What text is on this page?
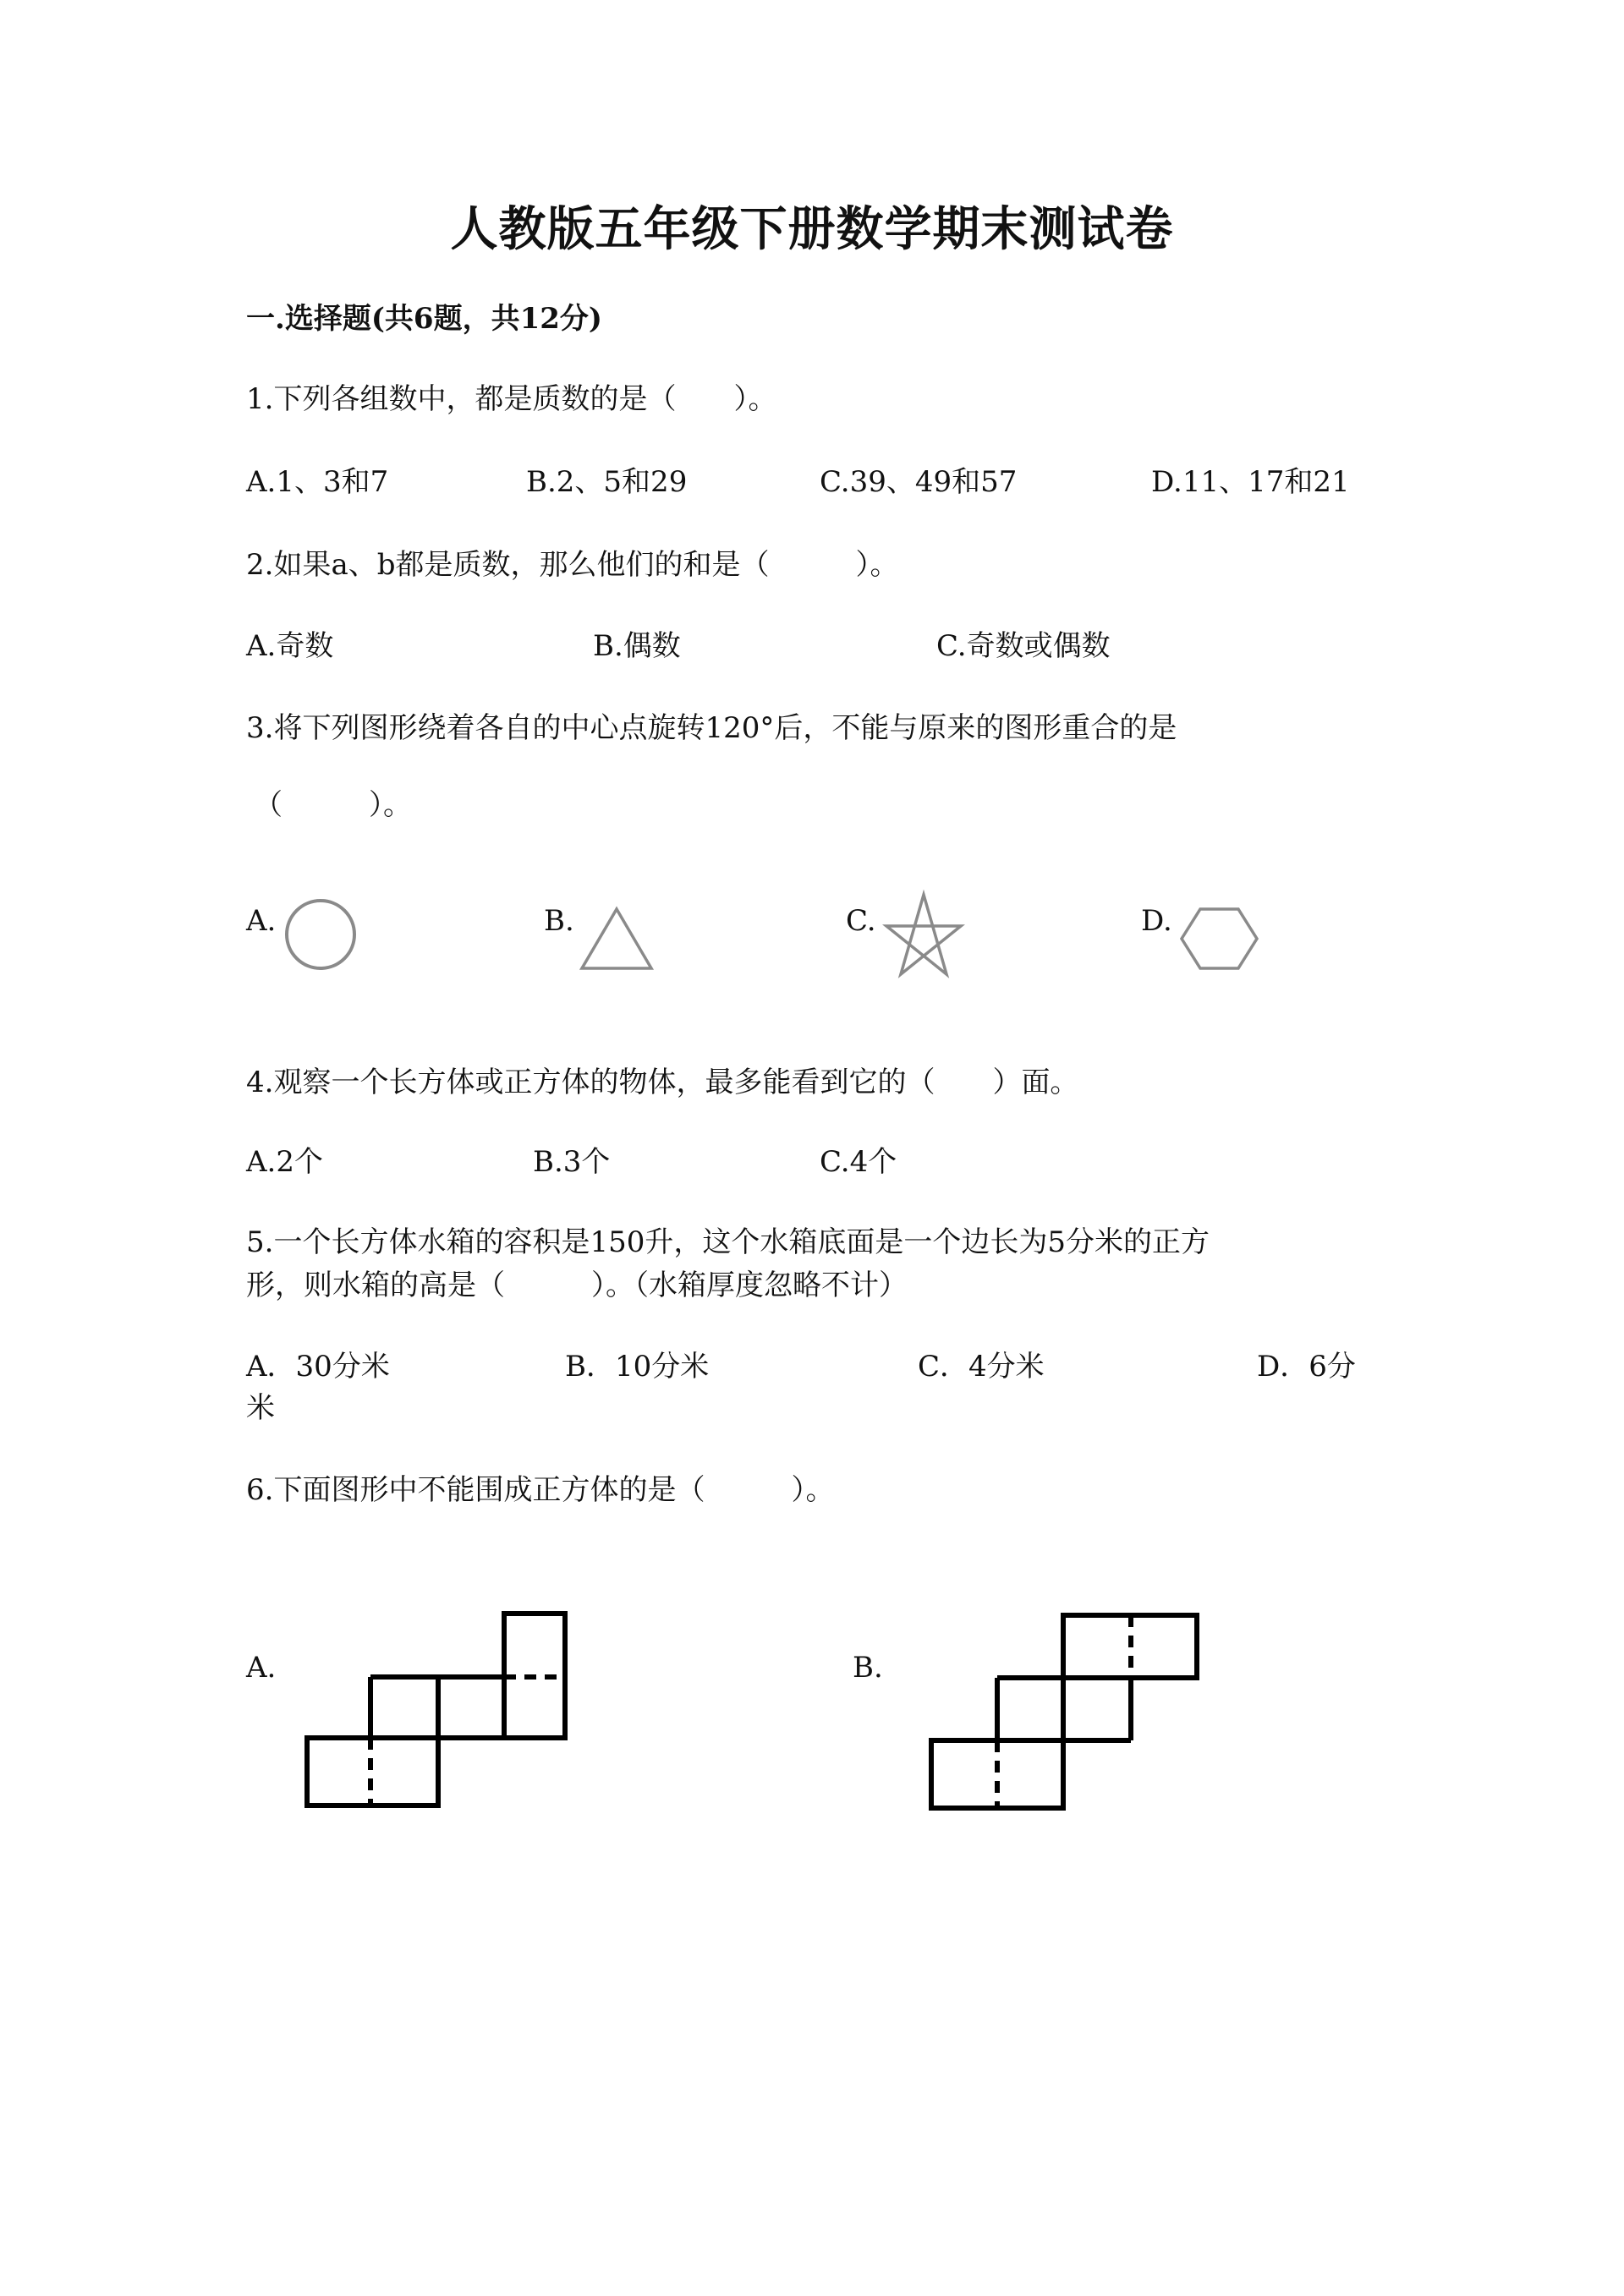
人教版五年级下册数学期末测试卷
一.选择题(共6题，共12分)
1.下列各组数中，都是质数的是（　　）。
A.1、3和7	B.2、5和29	C.39、49和57	D.11、17和21
2.如果a、b都是质数，那么他们的和是（　　　）。
A.奇数	B.偶数	C.奇数或偶数
3.将下列图形绕着各自的中心点旋转120°后，不能与原来的图形重合的是
（　　　）。
A.	B.	C.	D.
4.观察一个长方体或正方体的物体，最多能看到它的（　　）面。
A.2个	B.3个	C.4个
5.一个长方体水箱的容积是150升，这个水箱底面是一个边长为5分米的正方
形，则水箱的高是（　　　）。（水箱厚度忽略不计）
A．30分米	B．10分米	C．4分米	D．6分
米
6.下面图形中不能围成正方体的是（　　　）。
A.	B.
